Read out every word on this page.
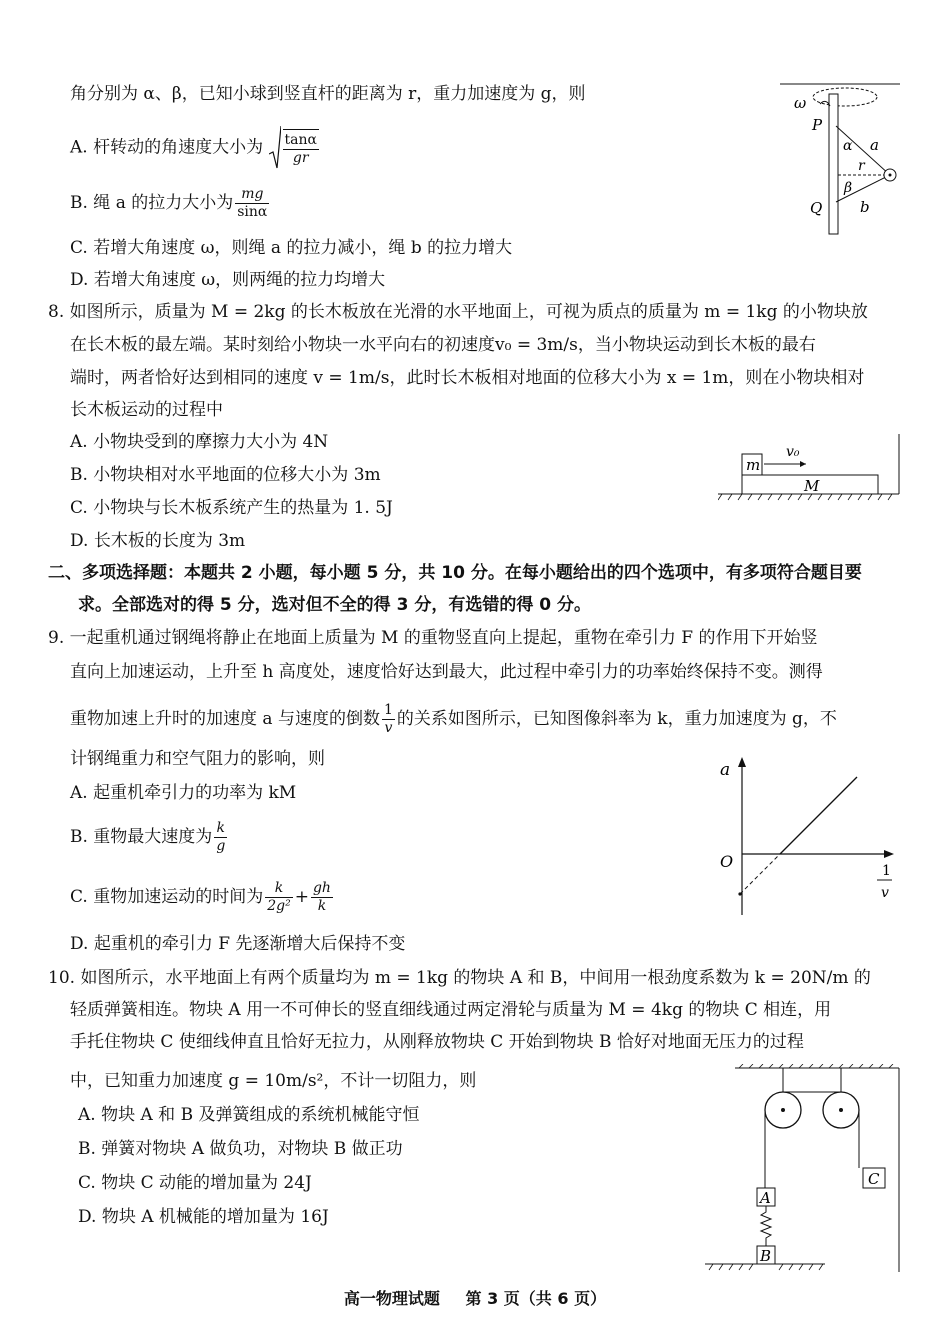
角分别为 α、β，已知小球到竖直杆的距离为 r，重力加速度为 g，则
A. 杆转动的角速度大小为 $\frac{\tan\alpha}{gr}$
B. 绳 a 的拉力大小为 $\frac{mg}{\sin\alpha}$
C. 若增大角速度 ω，则绳 a 的拉力减小，绳 b 的拉力增大
D. 若增大角速度 ω，则两绳的拉力均增大
ω
P
Q
α
β
r
a
b
8. 如图所示，质量为 M = 2kg 的长木板放在光滑的水平地面上，可视为质点的质量为 m = 1kg 的小物块放
在长木板的最左端。某时刻给小物块一水平向右的初速度v₀ = 3m/s，当小物块运动到长木板的最右
端时，两者恰好达到相同的速度 v = 1m/s，此时长木板相对地面的位移大小为 x = 1m，则在小物块相对
长木板运动的过程中
A. 小物块受到的摩擦力大小为 4N
B. 小物块相对水平地面的位移大小为 3m
C. 小物块与长木板系统产生的热量为 1. 5J
D. 长木板的长度为 3m
m
v₀
M
二、多项选择题：本题共 2 小题，每小题 5 分，共 10 分。在每小题给出的四个选项中，有多项符合题目要
求。全部选对的得 5 分，选对但不全的得 3 分，有选错的得 0 分。
9. 一起重机通过钢绳将静止在地面上质量为 M 的重物竖直向上提起，重物在牵引力 F 的作用下开始竖
直向上加速运动，上升至 h 高度处，速度恰好达到最大，此过程中牵引力的功率始终保持不变。测得
重物加速上升时的加速度 a 与速度的倒数 $\frac{1}{v}$ 的关系如图所示，已知图像斜率为 k，重力加速度为 g，不
计钢绳重力和空气阻力的影响，则
A. 起重机牵引力的功率为 kM
B. 重物最大速度为 $\frac{k}{g}$
C. 重物加速运动的时间为 $\frac{k}{\text{2g²}} + \frac{gh}{k}$
D. 起重机的牵引力 F 先逐渐增大后保持不变
a
O	1
v
10. 如图所示，水平地面上有两个质量均为 m = 1kg 的物块 A 和 B，中间用一根劲度系数为 k = 20N/m 的
轻质弹簧相连。物块 A 用一不可伸长的竖直细线通过两定滑轮与质量为 M = 4kg 的物块 C 相连，用
手托住物块 C 使细线伸直且恰好无拉力，从刚释放物块 C 开始到物块 B 恰好对地面无压力的过程
中，已知重力加速度 g = 10m/s²，不计一切阻力，则
A. 物块 A 和 B 及弹簧组成的系统机械能守恒
B. 弹簧对物块 A 做负功，对物块 B 做正功
C. 物块 C 动能的增加量为 24J
D. 物块 A 机械能的增加量为 16J
A
B
C
高一物理试题 第 3 页（共 6 页）
